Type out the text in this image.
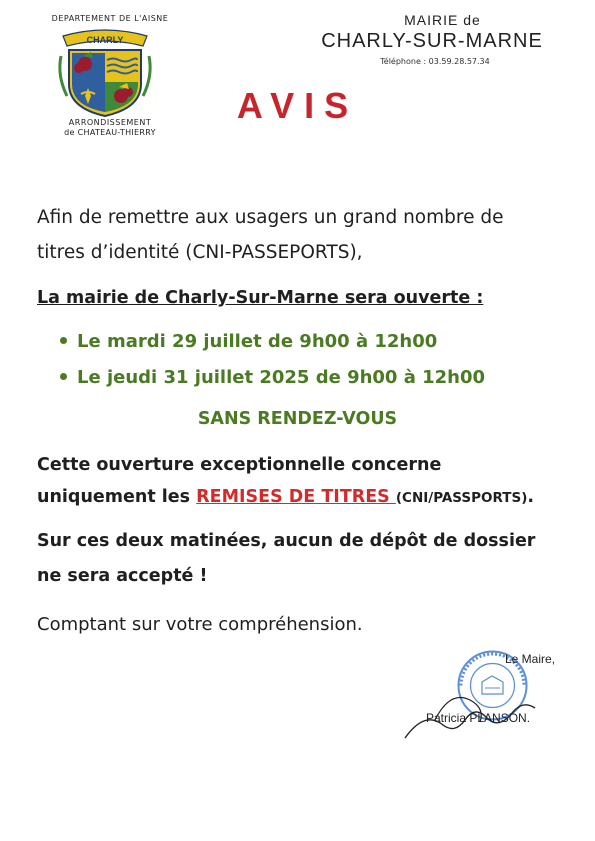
DEPARTEMENT DE L'AISNE
CHARLY
ARRONDISSEMENT
de CHATEAU-THIERRY
MAIRIE de
CHARLY-SUR-MARNE
Téléphone : 03.59.28.57.34
AVIS
Afin de remettre aux usagers un grand nombre de
titres d’identité (CNI-PASSEPORTS),
La mairie de Charly-Sur-Marne sera ouverte :
Le mardi 29 juillet de 9h00 à 12h00
Le jeudi 31 juillet 2025 de 9h00 à 12h00
SANS RENDEZ-VOUS
Cette ouverture exceptionnelle concerne
uniquement les REMISES DE TITRES (CNI/PASSPORTS).
Sur ces deux matinées, aucun de dépôt de dossier
ne sera accepté !
Comptant sur votre compréhension.
Le Maire,
Patricia PLANSON.
